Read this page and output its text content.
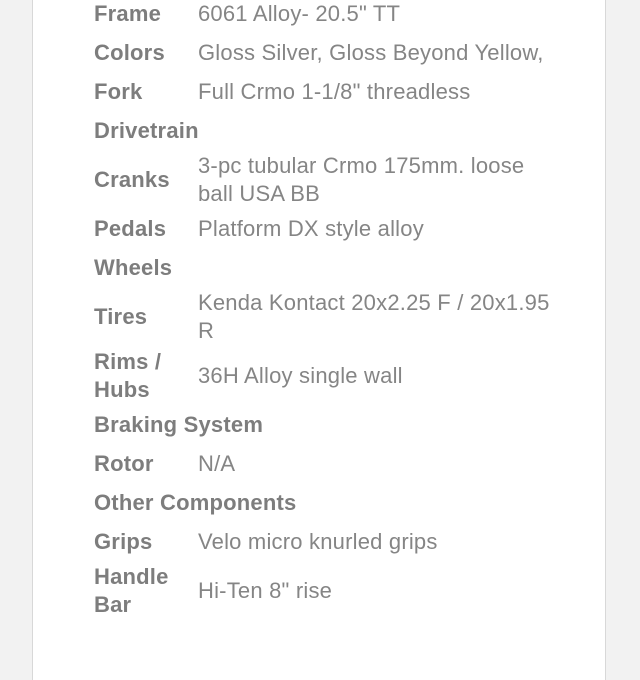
Frame	6061 Alloy- 20.5" TT
Colors	Gloss Silver, Gloss Beyond Yellow,
Fork	Full Crmo 1-1/8" threadless
Drivetrain	
Cranks	3-pc tubular Crmo 175mm. loose ball USA BB
Pedals	Platform DX style alloy
Wheels	
Tires	Kenda Kontact 20x2.25 F / 20x1.95 R
Rims / Hubs	36H Alloy single wall
Braking System	
Rotor	N/A
Other Components	
Grips	Velo micro knurled grips
Handle Bar	Hi-Ten 8" rise
